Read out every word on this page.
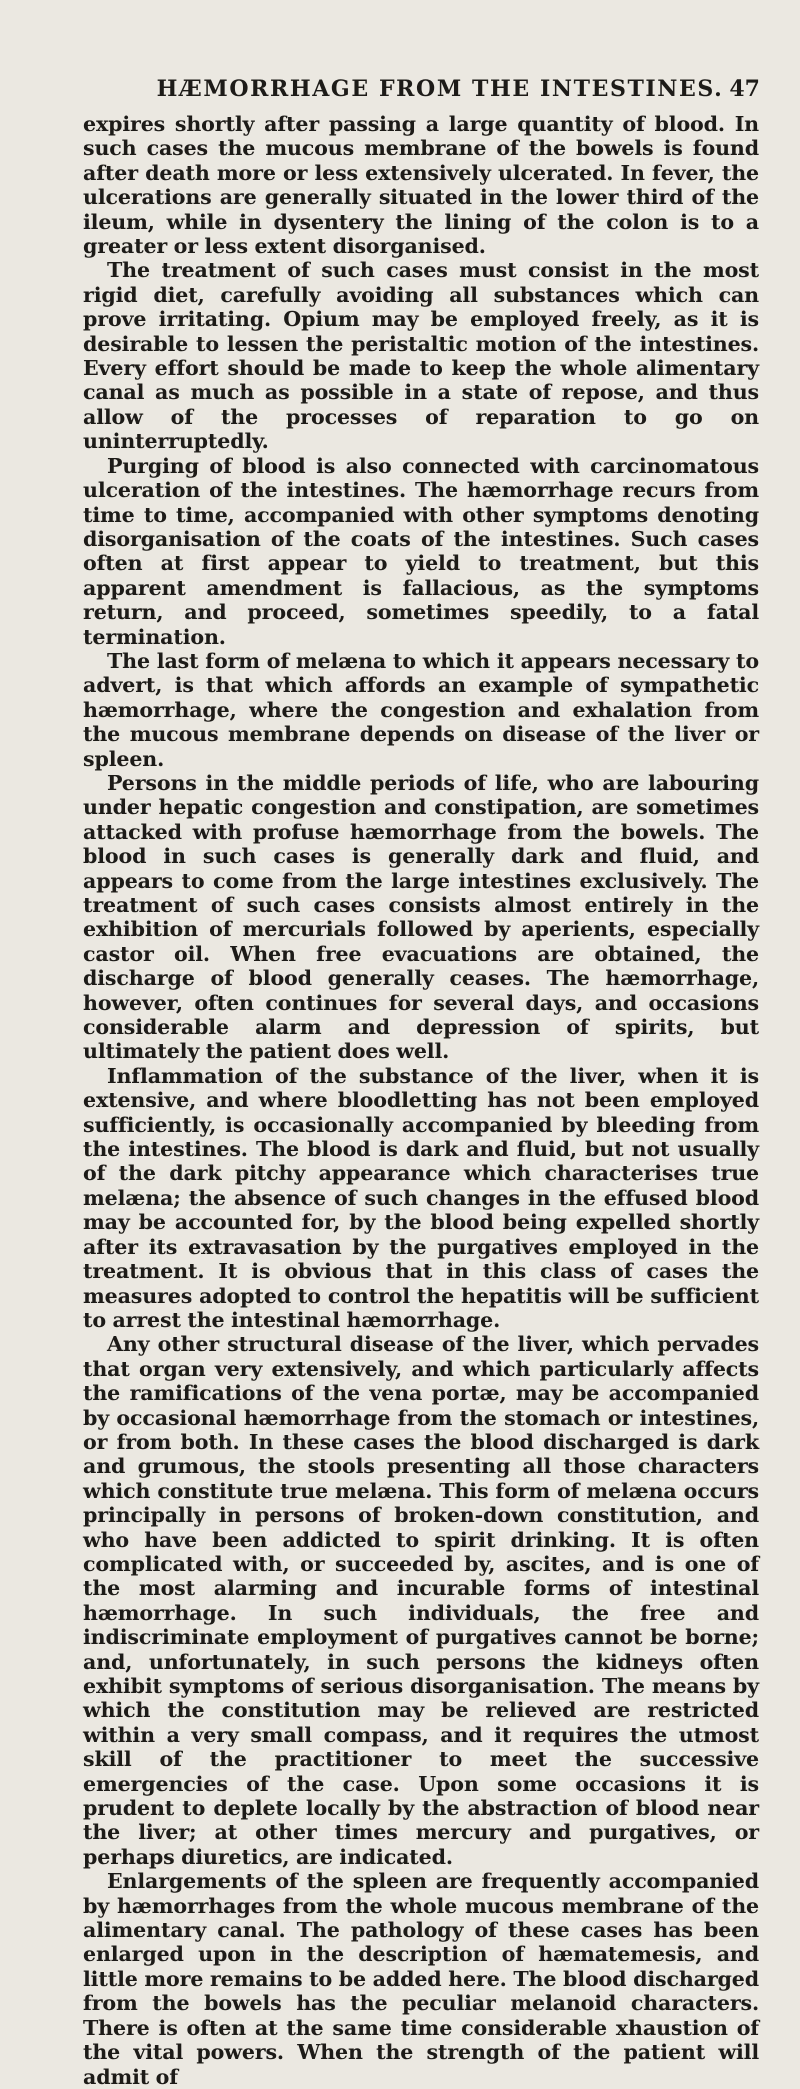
HÆMORRHAGE FROM THE INTESTINES. 47

expires shortly after passing a large quantity of blood. In such cases the mucous membrane of the bowels is found after death more or less extensively ulcerated. In fever, the ulcerations are generally situated in the lower third of the ileum, while in dysentery the lining of the colon is to a greater or less extent disorganised.

The treatment of such cases must consist in the most rigid diet, carefully avoiding all substances which can prove irritating. Opium may be employed freely, as it is desirable to lessen the peristaltic motion of the intestines. Every effort should be made to keep the whole alimentary canal as much as possible in a state of repose, and thus allow of the processes of reparation to go on uninterruptedly.

Purging of blood is also connected with carcinomatous ulceration of the intestines. The hæmorrhage recurs from time to time, accompanied with other symptoms denoting disorganisation of the coats of the intestines. Such cases often at first appear to yield to treatment, but this apparent amendment is fallacious, as the symptoms return, and proceed, sometimes speedily, to a fatal termination.

The last form of melæna to which it appears necessary to advert, is that which affords an example of sympathetic hæmorrhage, where the congestion and exhalation from the mucous membrane depends on disease of the liver or spleen.

Persons in the middle periods of life, who are labouring under hepatic congestion and constipation, are sometimes attacked with profuse hæmorrhage from the bowels. The blood in such cases is generally dark and fluid, and appears to come from the large intestines exclusively. The treatment of such cases consists almost entirely in the exhibition of mercurials followed by aperients, especially castor oil. When free evacuations are obtained, the discharge of blood generally ceases. The hæmorrhage, however, often continues for several days, and occasions considerable alarm and depression of spirits, but ultimately the patient does well.

Inflammation of the substance of the liver, when it is extensive, and where bloodletting has not been employed sufficiently, is occasionally accompanied by bleeding from the intestines. The blood is dark and fluid, but not usually of the dark pitchy appearance which characterises true melæna; the absence of such changes in the effused blood may be accounted for, by the blood being expelled shortly after its extravasation by the purgatives employed in the treatment. It is obvious that in this class of cases the measures adopted to control the hepatitis will be sufficient to arrest the intestinal hæmorrhage.

Any other structural disease of the liver, which pervades that organ very extensively, and which particularly affects the ramifications of the vena portæ, may be accompanied by occasional hæmorrhage from the stomach or intestines, or from both. In these cases the blood discharged is dark and grumous, the stools presenting all those characters which constitute true melæna. This form of melæna occurs principally in persons of broken-down constitution, and who have been addicted to spirit drinking. It is often complicated with, or succeeded by, ascites, and is one of the most alarming and incurable forms of intestinal hæmorrhage. In such individuals, the free and indiscriminate employment of purgatives cannot be borne; and, unfortunately, in such persons the kidneys often exhibit symptoms of serious disorganisation. The means by which the constitution may be relieved are restricted within a very small compass, and it requires the utmost skill of the practitioner to meet the successive emergencies of the case. Upon some occasions it is prudent to deplete locally by the abstraction of blood near the liver; at other times mercury and purgatives, or perhaps diuretics, are indicated.

Enlargements of the spleen are frequently accompanied by hæmorrhages from the whole mucous membrane of the alimentary canal. The pathology of these cases has been enlarged upon in the description of hæmatemesis, and little more remains to be added here. The blood discharged from the bowels has the peculiar melanoid characters. There is often at the same time considerable xhaustion of the vital powers. When the strength of the patient will admit of
